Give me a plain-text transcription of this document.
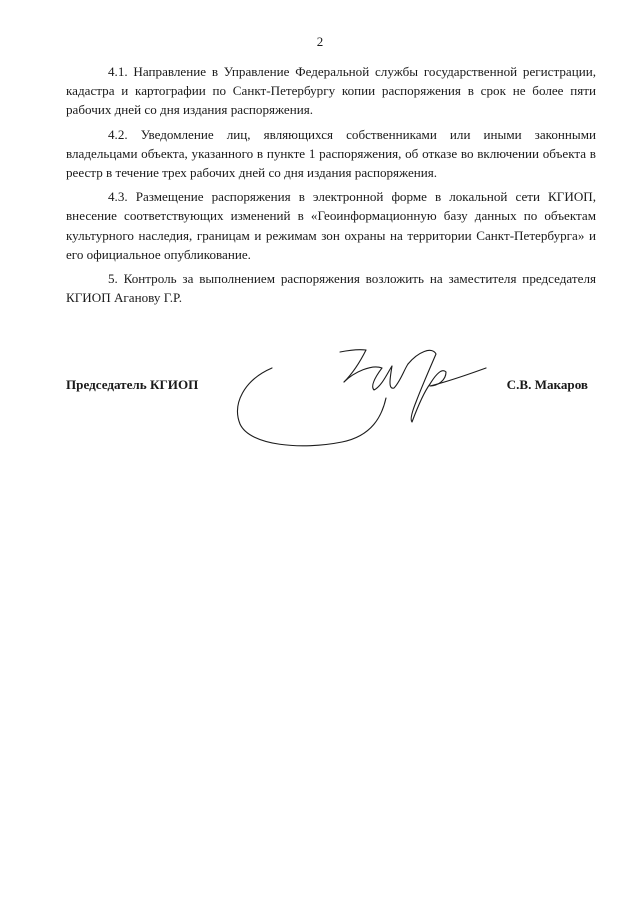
2

4.1. Направление в Управление Федеральной службы государственной регистрации, кадастра и картографии по Санкт-Петербургу копии распоряжения в срок не более пяти рабочих дней со дня издания распоряжения.

4.2. Уведомление лиц, являющихся собственниками или иными законными владельцами объекта, указанного в пункте 1 распоряжения, об отказе во включении объекта в реестр в течение трех рабочих дней со дня издания распоряжения.

4.3. Размещение распоряжения в электронной форме в локальной сети КГИОП, внесение соответствующих изменений в «Геоинформационную базу данных по объектам культурного наследия, границам и режимам зон охраны на территории Санкт-Петербурга» и его официальное опубликование.

5. Контроль за выполнением распоряжения возложить на заместителя председателя КГИОП Аганову Г.Р.

Председатель КГИОП	С.В. Макаров
